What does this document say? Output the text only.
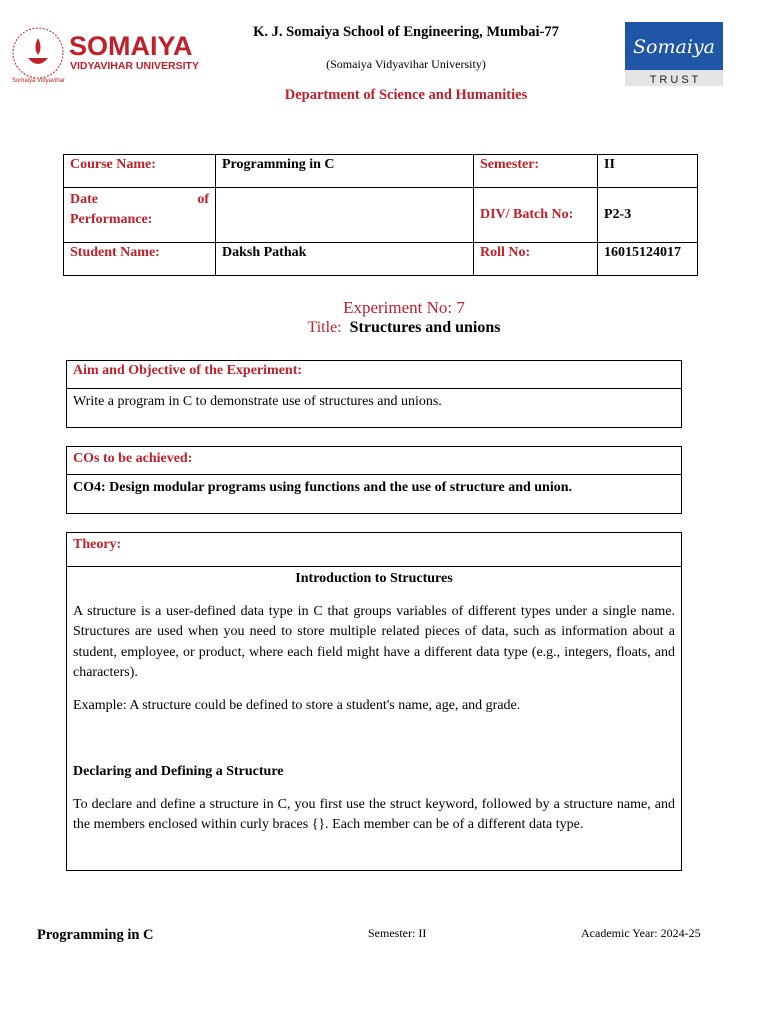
SOMAIYA
VIDYAVIHAR UNIVERSITY
Somaiya Vidyavihar
K. J. Somaiya School of Engineering, Mumbai-77
(Somaiya Vidyavihar University)
Department of Science and Humanities
Somaiya
T R U S T
Course Name:	Programming in C	Semester:	II

Date of
Performance:		DIV/ Batch No:	P2-3
Student Name:	Daksh Pathak	Roll No:	16015124017
Experiment No: 7
Title: Structures and unions
Aim and Objective of the Experiment:
Write a program in C to demonstrate use of structures and unions.
COs to be achieved:
CO4: Design modular programs using functions and the use of structure and union.
Theory:

Introduction to Structures

A structure is a user-defined data type in C that groups variables of different types under a single name. Structures are used when you need to store multiple related pieces of data, such as information about a student, employee, or product, where each field might have a different data type (e.g., integers, floats, and characters).

Example: A structure could be defined to store a student's name, age, and grade.

Declaring and Defining a Structure

To declare and define a structure in C, you first use the struct keyword, followed by a structure name, and the members enclosed within curly braces {}. Each member can be of a different data type.

Programming in C	Semester: II	Academic Year: 2024-25
